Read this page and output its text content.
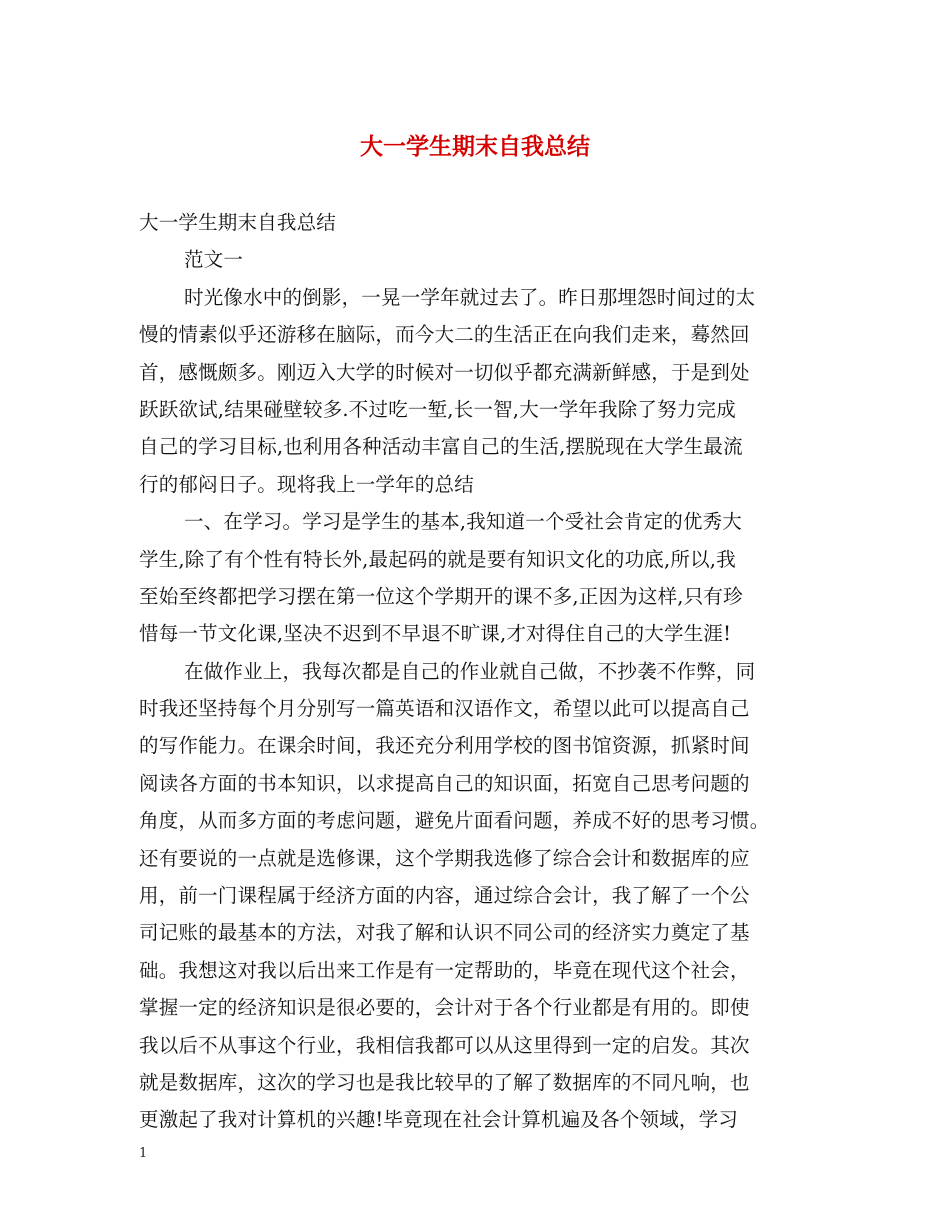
大一学生期末自我总结
大一学生期末自我总结
范文一
时光像水中的倒影，一晃一学年就过去了。昨日那埋怨时间过的太
慢的情素似乎还游移在脑际，而今大二的生活正在向我们走来，蓦然回
首，感慨颇多。刚迈入大学的时候对一切似乎都充满新鲜感，于是到处
跃跃欲试,结果碰壁较多.不过吃一堑,长一智,大一学年我除了努力完成
自己的学习目标,也利用各种活动丰富自己的生活,摆脱现在大学生最流
行的郁闷日子。现将我上一学年的总结
一、在学习。学习是学生的基本,我知道一个受社会肯定的优秀大
学生,除了有个性有特长外,最起码的就是要有知识文化的功底,所以,我
至始至终都把学习摆在第一位这个学期开的课不多,正因为这样,只有珍
惜每一节文化课,坚决不迟到不早退不旷课,才对得住自己的大学生涯!
在做作业上，我每次都是自己的作业就自己做，不抄袭不作弊，同
时我还坚持每个月分别写一篇英语和汉语作文，希望以此可以提高自己
的写作能力。在课余时间，我还充分利用学校的图书馆资源，抓紧时间
阅读各方面的书本知识，以求提高自己的知识面，拓宽自己思考问题的
角度，从而多方面的考虑问题，避免片面看问题，养成不好的思考习惯。
还有要说的一点就是选修课，这个学期我选修了综合会计和数据库的应
用，前一门课程属于经济方面的内容，通过综合会计，我了解了一个公
司记账的最基本的方法，对我了解和认识不同公司的经济实力奠定了基
础。我想这对我以后出来工作是有一定帮助的，毕竟在现代这个社会，
掌握一定的经济知识是很必要的，会计对于各个行业都是有用的。即使
我以后不从事这个行业，我相信我都可以从这里得到一定的启发。其次
就是数据库，这次的学习也是我比较早的了解了数据库的不同凡响，也
更激起了我对计算机的兴趣!毕竟现在社会计算机遍及各个领域，学习
1
